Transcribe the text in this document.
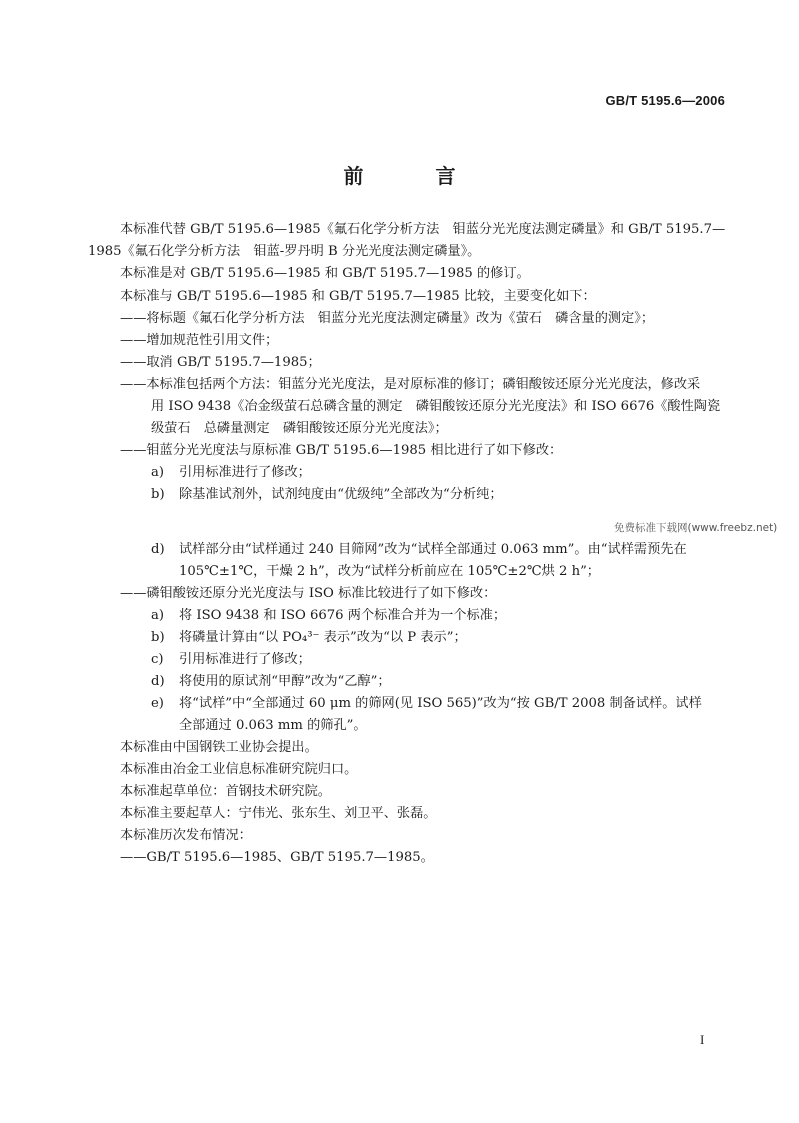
GB/T 5195.6—2006
前　言
本标准代替 GB/T 5195.6—1985《氟石化学分析方法　钼蓝分光光度法测定磷量》和 GB/T 5195.7—
1985《氟石化学分析方法　钼蓝-罗丹明 B 分光光度法测定磷量》。
本标准是对 GB/T 5195.6—1985 和 GB/T 5195.7—1985 的修订。
本标准与 GB/T 5195.6—1985 和 GB/T 5195.7—1985 比较，主要变化如下：
——将标题《氟石化学分析方法　钼蓝分光光度法测定磷量》改为《萤石　磷含量的测定》；
——增加规范性引用文件；
——取消 GB/T 5195.7—1985；
——本标准包括两个方法：钼蓝分光光度法，是对原标准的修订；磷钼酸铵还原分光光度法，修改采
用 ISO 9438《冶金级萤石总磷含量的测定　磷钼酸铵还原分光光度法》和 ISO 6676《酸性陶瓷
级萤石　总磷量测定　磷钼酸铵还原分光光度法》；
——钼蓝分光光度法与原标准 GB/T 5195.6—1985 相比进行了如下修改：
a) 引用标准进行了修改；
b) 除基准试剂外，试剂纯度由“优级纯”全部改为“分析纯；
免费标准下载网(www.freebz.net)
d) 试样部分由“试样通过 240 目筛网”改为“试样全部通过 0.063 mm”。由“试样需预先在
105℃±1℃，干燥 2 h”，改为“试样分析前应在 105℃±2℃烘 2 h”；
——磷钼酸铵还原分光光度法与 ISO 标准比较进行了如下修改：
a) 将 ISO 9438 和 ISO 6676 两个标准合并为一个标准；
b) 将磷量计算由“以 PO₄³⁻ 表示”改为“以 P 表示”；
c) 引用标准进行了修改；
d) 将使用的原试剂“甲醇”改为“乙醇”；
e) 将“试样”中“全部通过 60 μm 的筛网(见 ISO 565)”改为“按 GB/T 2008 制备试样。试样
全部通过 0.063 mm 的筛孔”。
本标准由中国钢铁工业协会提出。
本标准由冶金工业信息标准研究院归口。
本标准起草单位：首钢技术研究院。
本标准主要起草人：宁伟光、张东生、刘卫平、张磊。
本标准历次发布情况：
——GB/T 5195.6—1985、GB/T 5195.7—1985。
I
